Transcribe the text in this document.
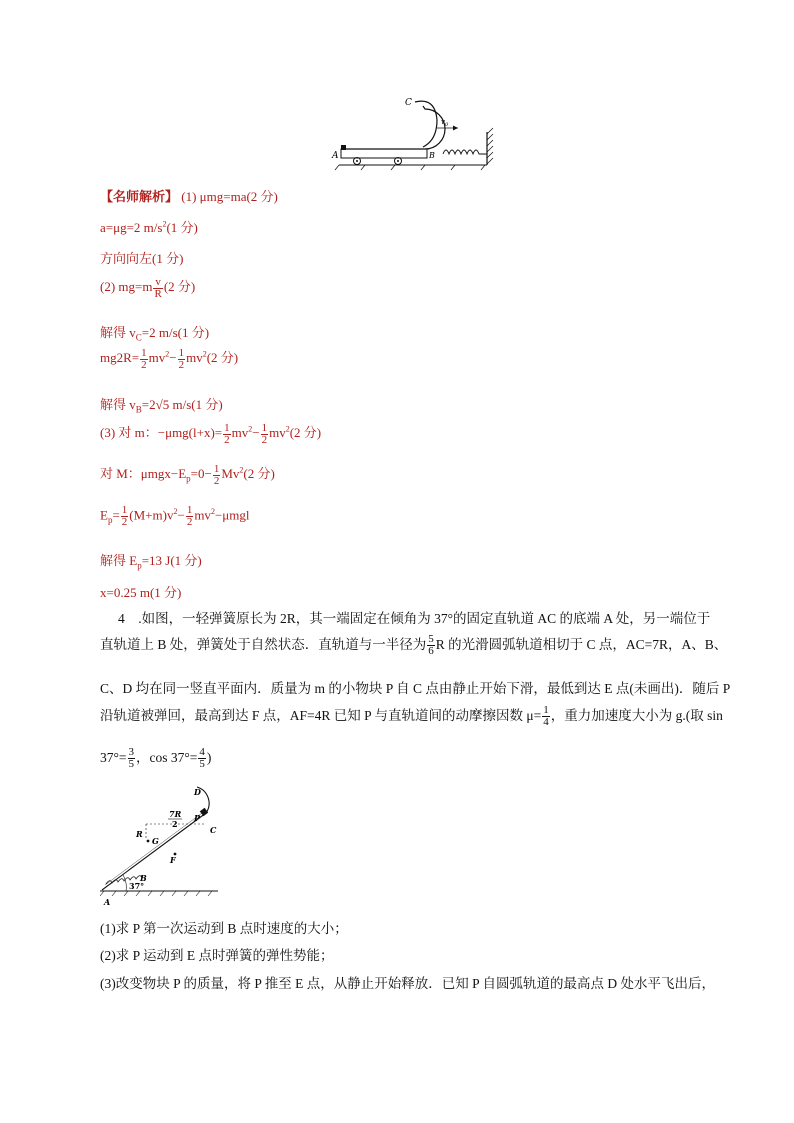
C
$v_0$
A	B
【名师解析】 (1) μmg=ma(2 分)
a=μg=2 $m/s^2(1$ 分)
方向向左(1 分)
(2) $mg=m \frac{v}{R} (2$ 分)
解得 $v_C=2$ m/s(1 分)
$mg2R= \frac{1}{2} mv^2- \frac{1}{2} mv^2(2$ 分)
解得 $v_B=2√5$ m/s(1 分)
(3) 对 m：$-\mu mg(l+x)= \frac{1}{2} mv^2- \frac{1}{2} mv^2(2$ 分)
对 M：$\mu mgx-E_p=0- \frac{1}{2} Mv^2(2$ 分)
$E_p= \frac{1}{2} (M+m)v^2- \frac{1}{2} mv^2-\mu mgl$
解得 $E_p=13$ J(1 分)
x=0.25 m(1 分)
4　.如图，一轻弹簧原长为 2R，其一端固定在倾角为 37°的固定直轨道 AC 的底端 A 处，另一端位于
直轨道上 B 处，弹簧处于自然状态．直轨道与一半径为 $\frac{5}{6}$ R 的光滑圆弧轨道相切于 C 点，AC=7R，A、B、
C、D 均在同一竖直平面内．质量为 m 的小物块 P 自 C 点由静止开始下滑，最低到达 E 点(未画出)．随后 P
沿轨道被弹回，最高到达 F 点，AF=4R 已知 P 与直轨道间的动摩擦因数 $\mu= \frac{1}{4}$ ，重力加速度大小为 g.(取 sin
$37^\circ= \frac{3}{5}$ ，$\cos 37^\circ= \frac{4}{5}$ )
D
7R
2
P
C
R
G
F
B
A
37°
(1)求 P 第一次运动到 B 点时速度的大小；
(2)求 P 运动到 E 点时弹簧的弹性势能；
(3)改变物块 P 的质量，将 P 推至 E 点，从静止开始释放．已知 P 自圆弧轨道的最高点 D 处水平飞出后，
